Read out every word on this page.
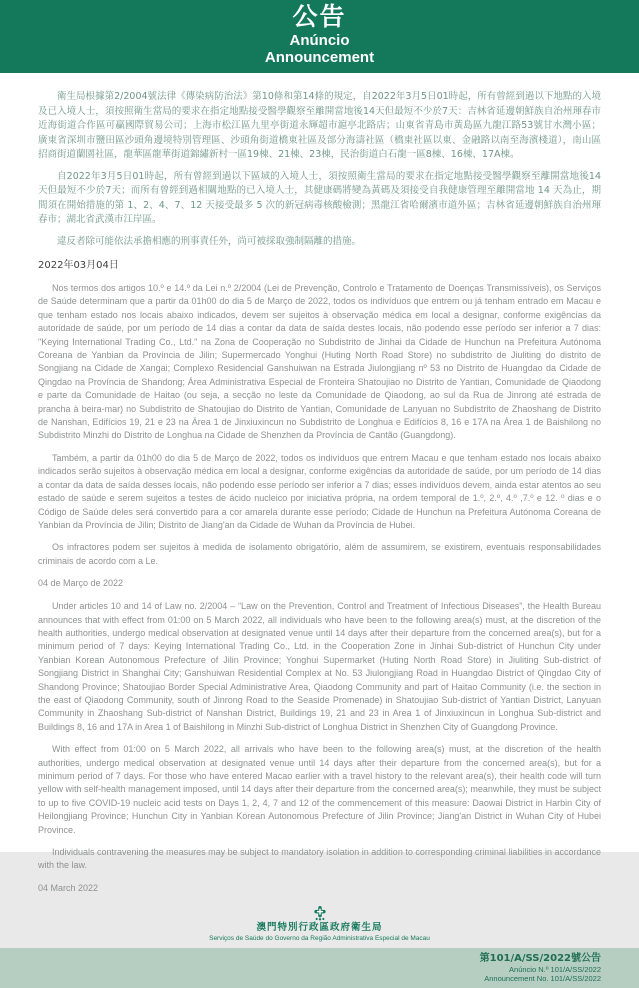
公告
Anúncio
Announcement

衛生局根據第2/2004號法律《傳染病防治法》第10條和第14條的規定，自2022年3月5日01時起，所有曾經到過以下地點的入境及已入境人士，須按照衛生當局的要求在指定地點接受醫學觀察至離開當地後14天但最短不少於7天：吉林省延邊朝鮮族自治州琿春市近海街道合作區可贏國際貿易公司；上海市松江區九里亭街道永輝超市滬亭北路店；山東省青島市黃島區九龍江路53號甘水灣小區；廣東省深圳市鹽田區沙頭角邊境特別管理區、沙頭角街道橋東社區及部分海濤社區（橋東社區以東、金融路以南至海濱棧道），南山區招商街道蘭園社區，龍華區龍華街道錦繡新村一區19棟、21棟、23棟，民治街道白石龍一區8棟、16棟、17A棟。

自2022年3月5日01時起，所有曾經到過以下區域的入境人士，須按照衛生當局的要求在指定地點接受醫學觀察至離開當地後14天但最短不少於7天；而所有曾經到過相關地點的已入境人士，其健康碼將變為黃碼及須接受自我健康管理至離開當地 14 天為止，期間須在開始措施的第 1、2、4、7、12 天接受最多 5 次的新冠病毒核酸檢測；黑龍江省哈爾濱市道外區；吉林省延邊朝鮮族自治州琿春市；湖北省武漢市江岸區。

違反者除可能依法承擔相應的刑事責任外，尚可被採取強制隔離的措施。

2022年03月04日

Nos termos dos artigos 10.º e 14.º da Lei n.º 2/2004 (Lei de Prevenção, Controlo e Tratamento de Doenças Transmissíveis), os Serviços de Saúde determinam que a partir da 01h00 do dia 5 de Março de 2022, todos os indivíduos que entrem ou já tenham entrado em Macau e que tenham estado nos locais abaixo indicados, devem ser sujeitos à observação médica em local a designar, conforme exigências da autoridade de saúde, por um período de 14 dias a contar da data de saída destes locais, não podendo esse período ser inferior a 7 dias: "Keying International Trading Co., Ltd." na Zona de Cooperação no Subdistrito de Jinhai da Cidade de Hunchun na Prefeitura Autónoma Coreana de Yanbian da Província de Jilin; Supermercado Yonghui (Huting North Road Store) no subdistrito de Jiuliting do distrito de Songjiang na Cidade de Xangai; Complexo Residencial Ganshuiwan na Estrada Jiulongjiang nº 53 no Distrito de Huangdao da Cidade de Qingdao na Província de Shandong; Área Administrativa Especial de Fronteira Shatoujiao no Distrito de Yantian, Comunidade de Qiaodong e parte da Comunidade de Haitao (ou seja, a secção no leste da Comunidade de Qiaodong, ao sul da Rua de Jinrong até estrada de prancha à beira-mar) no Subdistrito de Shatoujiao do Distrito de Yantian, Comunidade de Lanyuan no Subdistrito de Zhaoshang de Distrito de Nanshan, Edifícios 19, 21 e 23 na Área 1 de Jinxiuxincun no Subdistrito de Longhua e Edifícios 8, 16 e 17A na Área 1 de Baishilong no Subdistrito Minzhi do Distrito de Longhua na Cidade de Shenzhen da Província de Cantão (Guangdong).

Também, a partir da 01h00 do dia 5 de Março de 2022, todos os indivíduos que entrem Macau e que tenham estado nos locais abaixo indicados serão sujeitos à observação médica em local a designar, conforme exigências da autoridade de saúde, por um período de 14 dias a contar da data de saída desses locais, não podendo esse período ser inferior a 7 dias; esses indivíduos devem, ainda estar atentos ao seu estado de saúde e serem sujeitos a testes de ácido nucleico por iniciativa própria, na ordem temporal de 1.º, 2.º, 4.º ,7.º e 12. º dias e o Código de Saúde deles será convertido para a cor amarela durante esse período; Cidade de Hunchun na Prefeitura Autónoma Coreana de Yanbian da Província de Jilin; Distrito de Jiang'an da Cidade de Wuhan da Província de Hubei.

Os infractores podem ser sujeitos à medida de isolamento obrigatório, além de assumirem, se existirem, eventuais responsabilidades criminais de acordo com a Le.

04 de Março de 2022

Under articles 10 and 14 of Law no. 2/2004 – “Law on the Prevention, Control and Treatment of Infectious Diseases”, the Health Bureau announces that with effect from 01:00 on 5 March 2022, all individuals who have been to the following area(s) must, at the discretion of the health authorities, undergo medical observation at designated venue until 14 days after their departure from the concerned area(s), but for a minimum period of 7 days: Keying International Trading Co., Ltd. in the Cooperation Zone in Jinhai Sub-district of Hunchun City under Yanbian Korean Autonomous Prefecture of Jilin Province; Yonghui Supermarket (Huting North Road Store) in Jiuliting Sub-district of Songjiang District in Shanghai City; Ganshuiwan Residential Complex at No. 53 Jiulongjiang Road in Huangdao District of Qingdao City of Shandong Province; Shatoujiao Border Special Administrative Area, Qiaodong Community and part of Haitao Community (i.e. the section in the east of Qiaodong Community, south of Jinrong Road to the Seaside Promenade) in Shatoujiao Sub-district of Yantian District, Lanyuan Community in Zhaoshang Sub-district of Nanshan District, Buildings 19, 21 and 23 in Area 1 of Jinxiuxincun in Longhua Sub-district and Buildings 8, 16 and 17A in Area 1 of Baishilong in Minzhi Sub-district of Longhua District in Shenzhen City of Guangdong Province.

With effect from 01:00 on 5 March 2022, all arrivals who have been to the following area(s) must, at the discretion of the health authorities, undergo medical observation at designated venue until 14 days after their departure from the concerned area(s), but for a minimum period of 7 days. For those who have entered Macao earlier with a travel history to the relevant area(s), their health code will turn yellow with self-health management imposed, until 14 days after their departure from the concerned area(s); meanwhile, they must be subject to up to five COVID-19 nucleic acid tests on Days 1, 2, 4, 7 and 12 of the commencement of this measure: Daowai District in Harbin City of Heilongjiang Province; Hunchun City in Yanbian Korean Autonomous Prefecture of Jilin Province; Jiang'an District in Wuhan City of Hubei Province.

Individuals contravening the measures may be subject to mandatory isolation in addition to corresponding criminal liabilities in accordance with the law.

04 March 2022

澳門特別行政區政府衛生局
Serviços de Saúde do Governo da Região Administrativa Especial de Macau
第101/A/SS/2022號公告
Anúncio N.º 101/A/SS/2022
Announcement No. 101/A/SS/2022
